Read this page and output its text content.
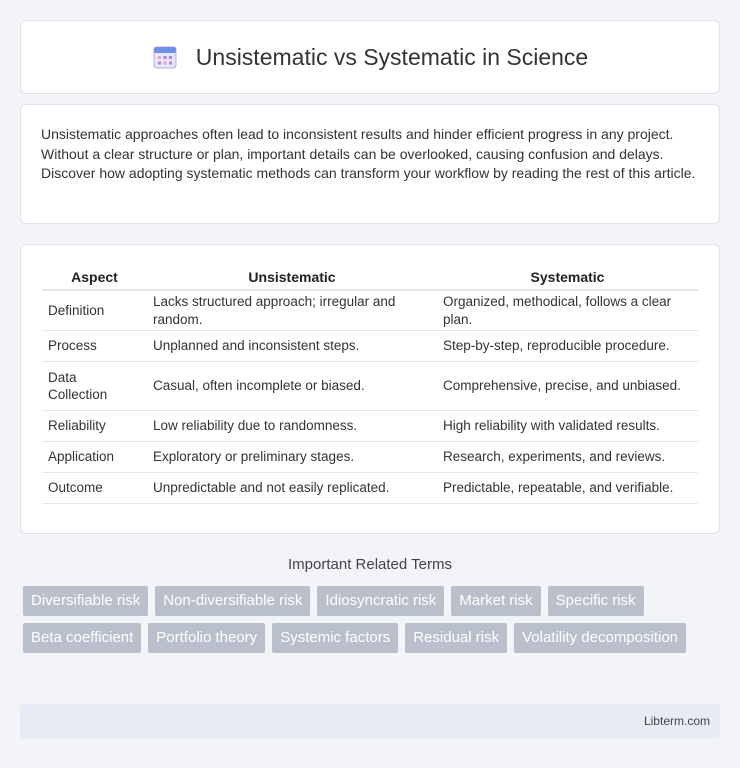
Unsistematic vs Systematic in Science

Unsistematic approaches often lead to inconsistent results and hinder efficient progress in any project. Without a clear structure or plan, important details can be overlooked, causing confusion and delays. Discover how adopting systematic methods can transform your workflow by reading the rest of this article.

Aspect	Unsistematic	Systematic
Definition	Lacks structured approach; irregular and random.	Organized, methodical, follows a clear plan.
Process	Unplanned and inconsistent steps.	Step-by-step, reproducible procedure.
Data Collection	Casual, often incomplete or biased.	Comprehensive, precise, and unbiased.
Reliability	Low reliability due to randomness.	High reliability with validated results.
Application	Exploratory or preliminary stages.	Research, experiments, and reviews.
Outcome	Unpredictable and not easily replicated.	Predictable, repeatable, and verifiable.
Important Related Terms
Diversifiable risk	Non-diversifiable risk	Idiosyncratic risk	Market risk	Specific risk
Beta coefficient	Portfolio theory	Systemic factors	Residual risk	Volatility decomposition
Libterm.com
